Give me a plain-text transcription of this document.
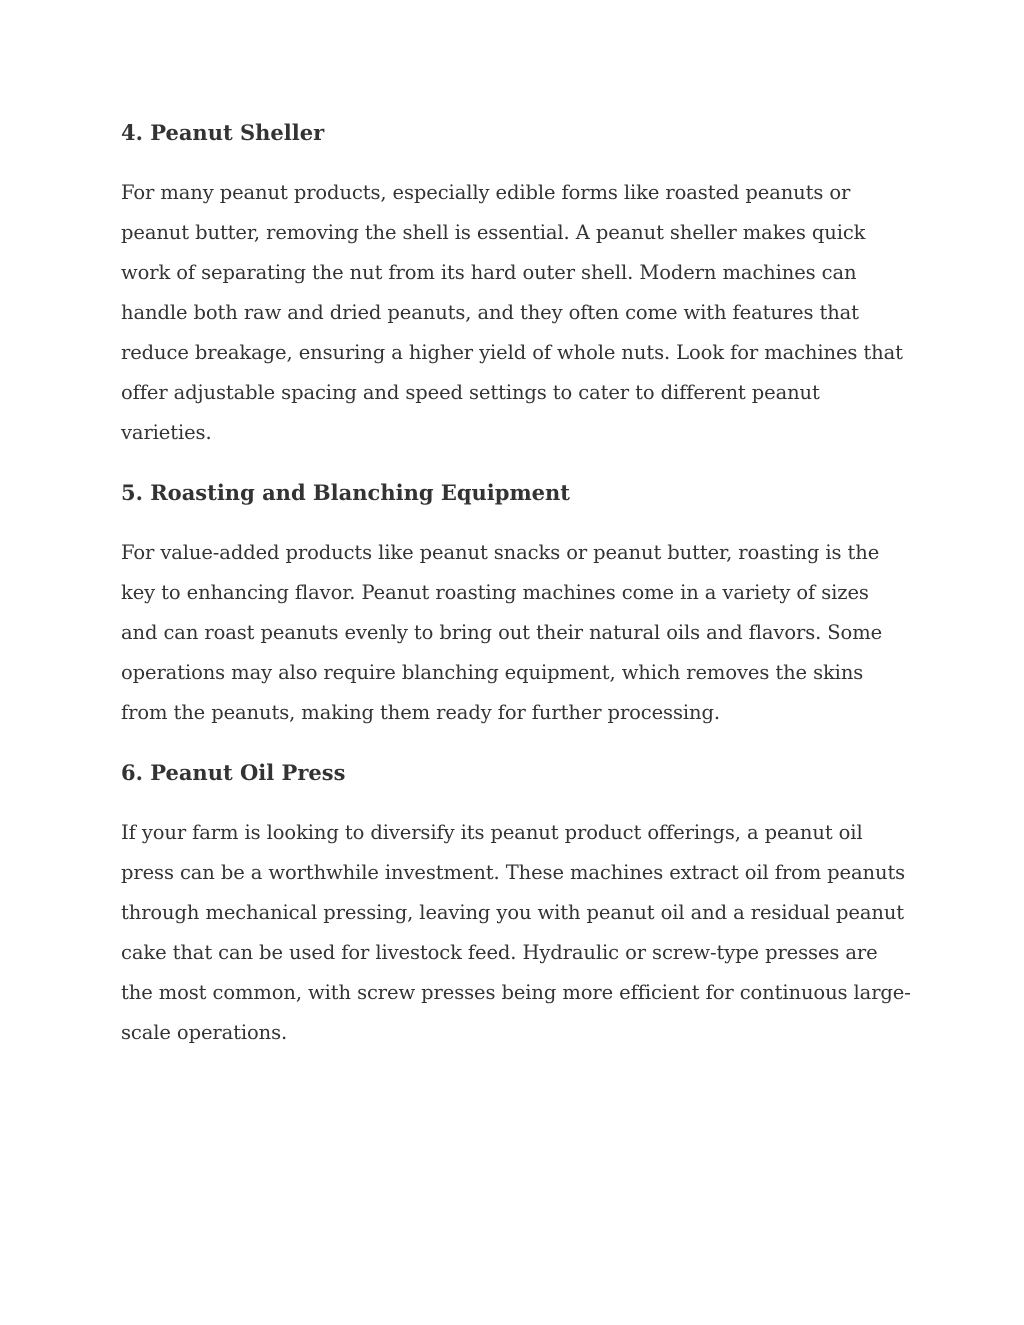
4. Peanut Sheller

For many peanut products, especially edible forms like roasted peanuts or peanut butter, removing the shell is essential. A peanut sheller makes quick work of separating the nut from its hard outer shell. Modern machines can handle both raw and dried peanuts, and they often come with features that reduce breakage, ensuring a higher yield of whole nuts. Look for machines that offer adjustable spacing and speed settings to cater to different peanut varieties.

5. Roasting and Blanching Equipment

For value-added products like peanut snacks or peanut butter, roasting is the key to enhancing flavor. Peanut roasting machines come in a variety of sizes and can roast peanuts evenly to bring out their natural oils and flavors. Some operations may also require blanching equipment, which removes the skins from the peanuts, making them ready for further processing.

6. Peanut Oil Press

If your farm is looking to diversify its peanut product offerings, a peanut oil press can be a worthwhile investment. These machines extract oil from peanuts through mechanical pressing, leaving you with peanut oil and a residual peanut cake that can be used for livestock feed. Hydraulic or screw-type presses are the most common, with screw presses being more efficient for continuous large-scale operations.
